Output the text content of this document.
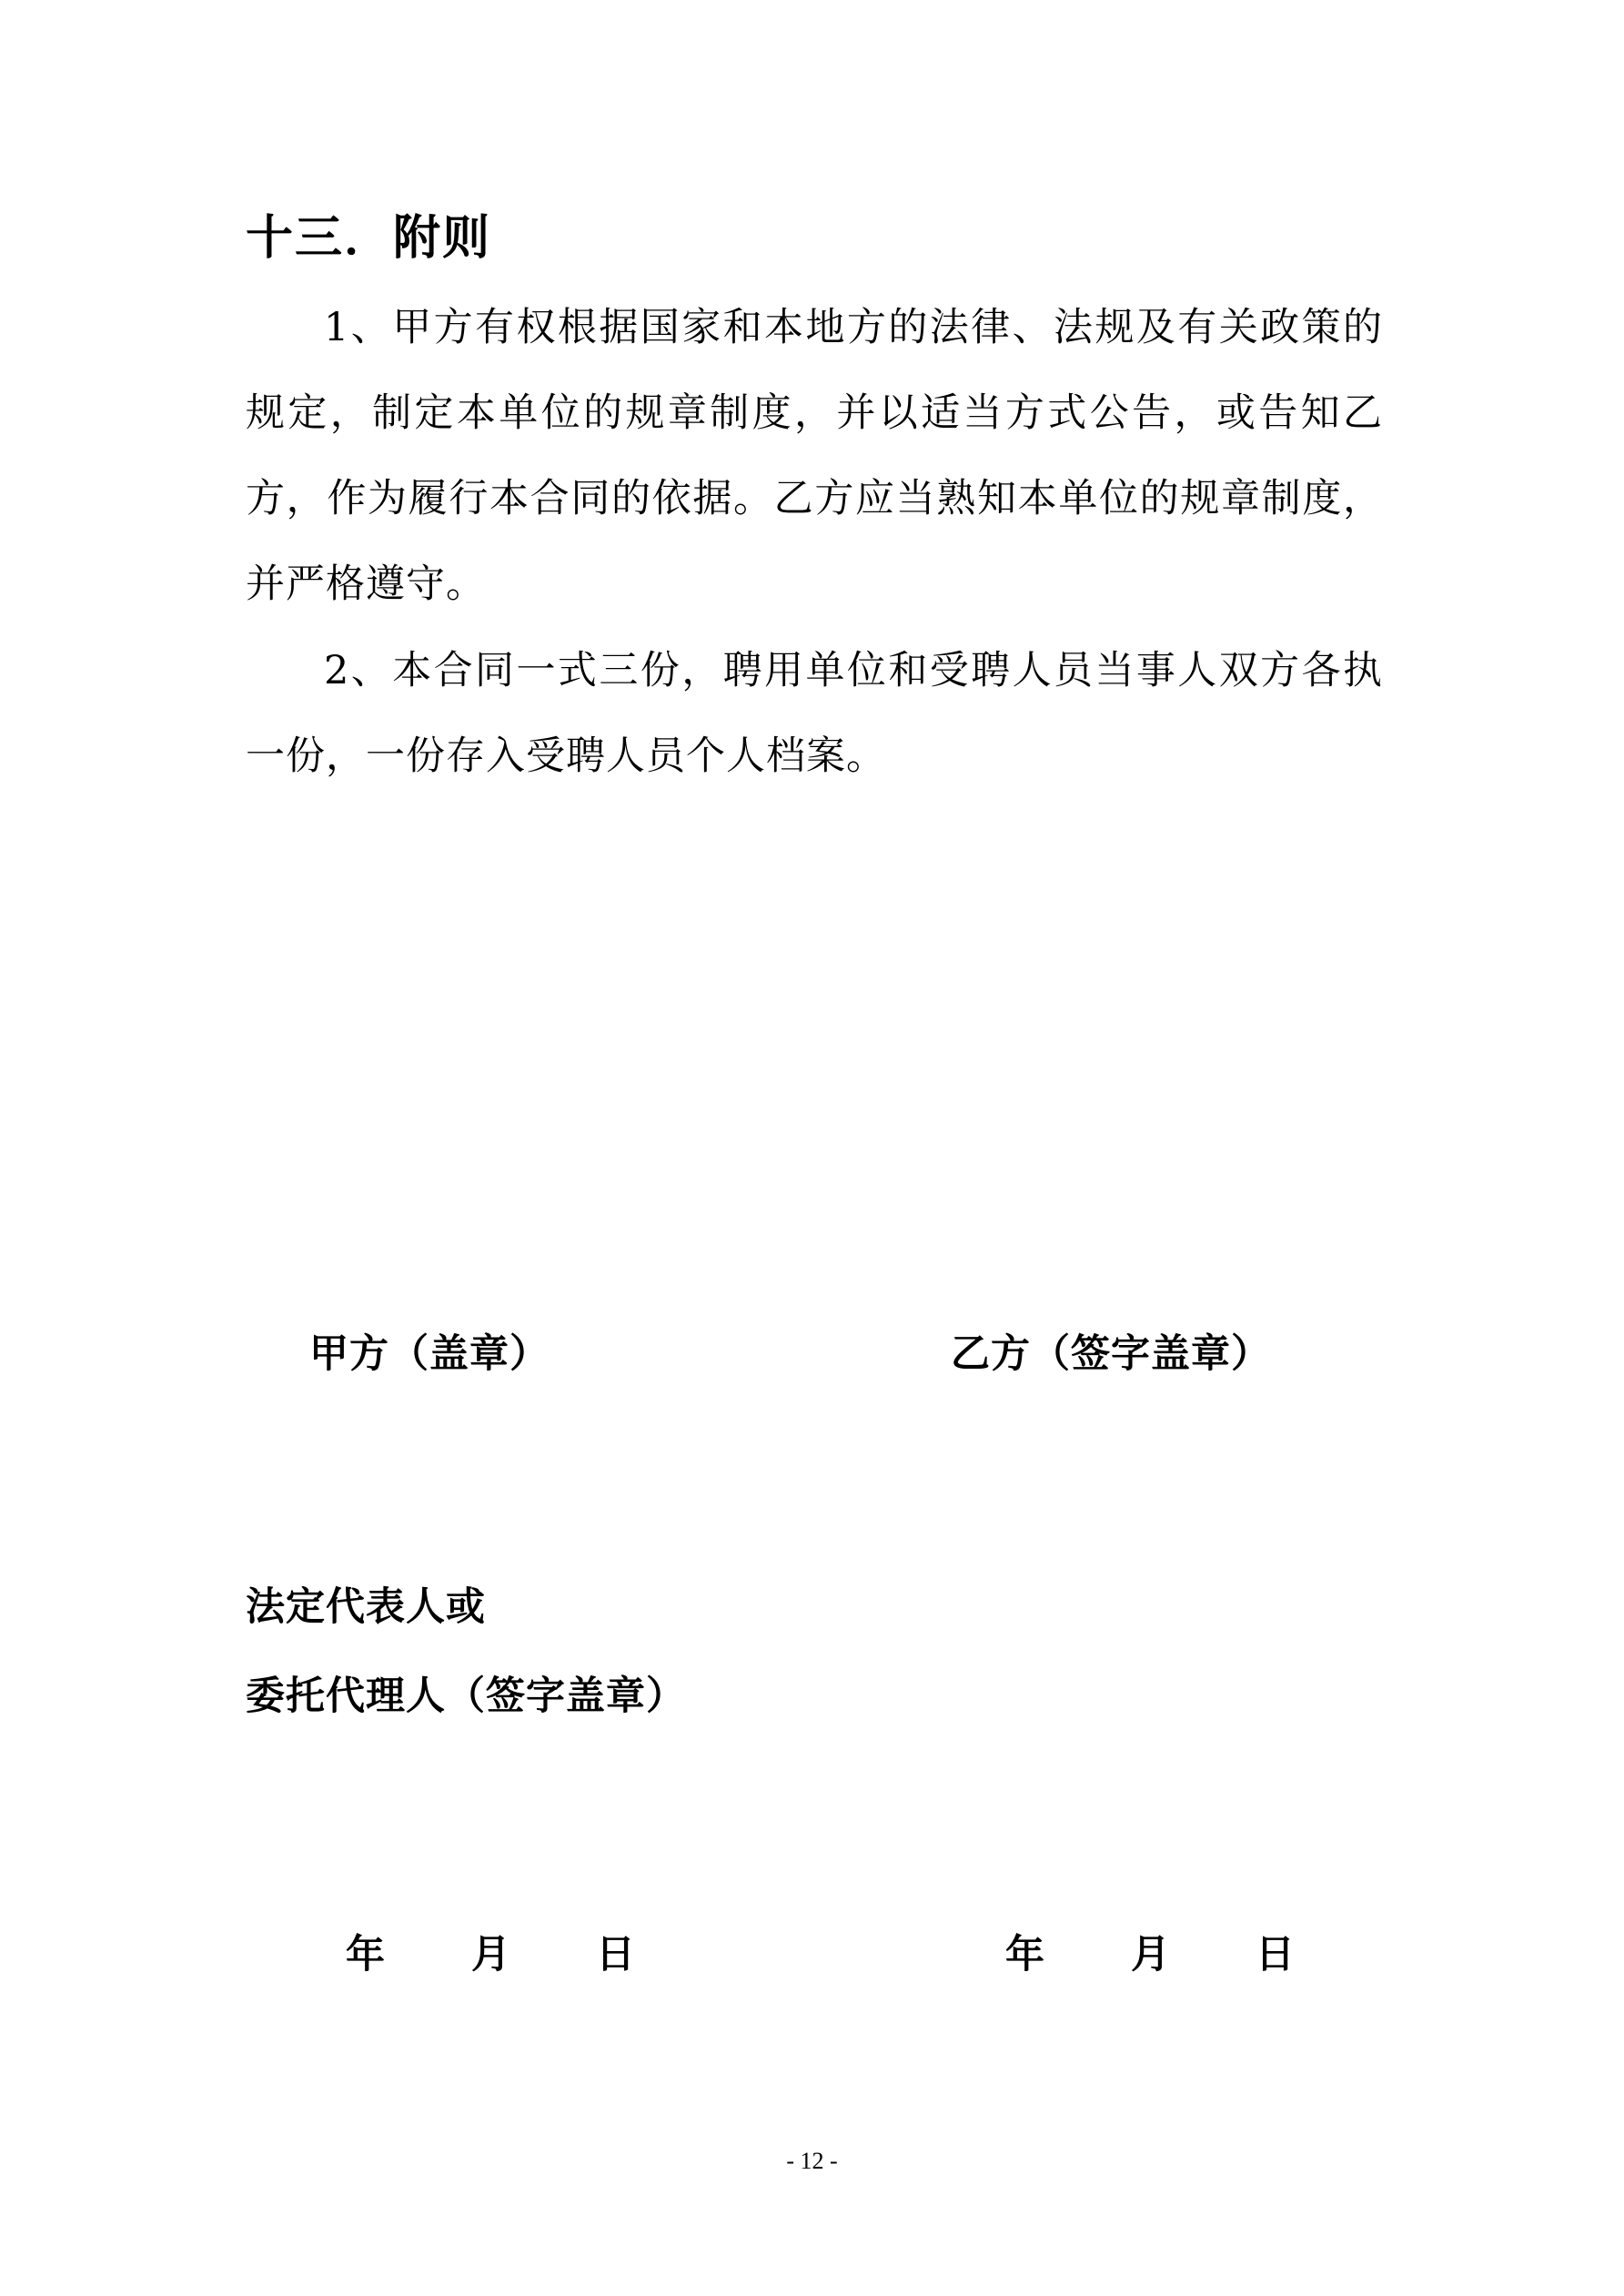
十三．附则
1、甲方有权根据国家和本地方的法律、法规及有关政策的规定，制定本单位的规章制度，并以适当方式公告，或告知乙方，作为履行本合同的依据。乙方应当熟知本单位的规章制度，并严格遵守。
2、本合同一式三份，聘用单位和受聘人员当事人双方各执一份，一份存入受聘人员个人档案。
甲方（盖章）	乙方（签字盖章）
法定代表人或
委托代理人（签字盖章）
年 月 日	年 月 日
- 12 -
